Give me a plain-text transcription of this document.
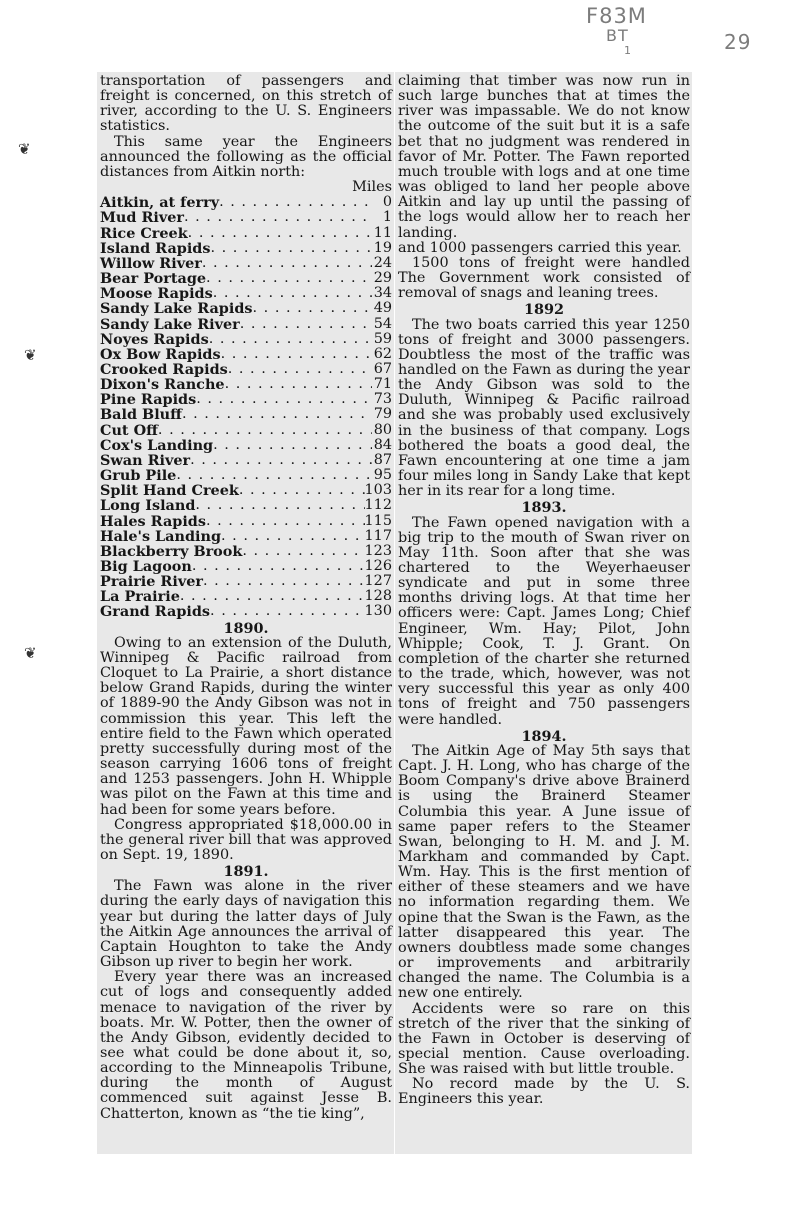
F83M
BT
1	29
❦
❦
❦

transportation of passengers and freight is concerned, on this stretch of river, according to the U. S. Engineers statistics.

This same year the Engineers announced the following as the official distances from Aitkin north:

Miles
Aitkin, at ferry . . .	0
Mud River . . .	1
Rice Creek . . .	11
Island Rapids . . .	19
Willow River . . .	24
Bear Portage . . .	29
Moose Rapids . . .	34
Sandy Lake Rapids . . .	49
Sandy Lake River . . .	54
Noyes Rapids . . .	59
Ox Bow Rapids . . .	62
Crooked Rapids . . .	67
Dixon's Ranche . . .	71
Pine Rapids . . .	73
Bald Bluff . . .	79
Cut Off . . .	80
Cox's Landing . . .	84
Swan River . . .	87
Grub Pile . . .	95
Split Hand Creek . . .	103
Long Island . . .	112
Hales Rapids . . .	115
Hale's Landing . . .	117
Blackberry Brook . . .	123
Big Lagoon . . .	126
Prairie River . . .	127
La Prairie . . .	128
Grand Rapids . . .	130
1890.

Owing to an extension of the Duluth, Winnipeg & Pacific railroad from Cloquet to La Prairie, a short distance below Grand Rapids, during the winter of 1889-90 the Andy Gibson was not in commission this year. This left the entire field to the Fawn which operated pretty successfully during most of the season carrying 1606 tons of freight and 1253 passengers. John H. Whipple was pilot on the Fawn at this time and had been for some years before.

Congress appropriated $18,000.00 in the general river bill that was approved on Sept. 19, 1890.

1891.

The Fawn was alone in the river during the early days of navigation this year but during the latter days of July the Aitkin Age announces the arrival of Captain Houghton to take the Andy Gibson up river to begin her work.

Every year there was an increased cut of logs and consequently added menace to navigation of the river by boats. Mr. W. Potter, then the owner of the Andy Gibson, evidently decided to see what could be done about it, so, according to the Minneapolis Tribune, during the month of August commenced suit against Jesse B. Chatterton, known as “the tie king”,

claiming that timber was now run in such large bunches that at times the river was impassable. We do not know the outcome of the suit but it is a safe bet that no judgment was rendered in favor of Mr. Potter. The Fawn reported much trouble with logs and at one time was obliged to land her people above Aitkin and lay up until the passing of the logs would allow her to reach her landing.

and 1000 passengers carried this year.

1500 tons of freight were handled The Government work consisted of removal of snags and leaning trees.

1892

The two boats carried this year 1250 tons of freight and 3000 passengers. Doubtless the most of the traffic was handled on the Fawn as during the year the Andy Gibson was sold to the Duluth, Winnipeg & Pacific railroad and she was probably used exclusively in the business of that company. Logs bothered the boats a good deal, the Fawn encountering at one time a jam four miles long in Sandy Lake that kept her in its rear for a long time.

1893.

The Fawn opened navigation with a big trip to the mouth of Swan river on May 11th. Soon after that she was chartered to the Weyerhaeuser syndicate and put in some three months driving logs. At that time her officers were: Capt. James Long; Chief Engineer, Wm. Hay; Pilot, John Whipple; Cook, T. J. Grant. On completion of the charter she returned to the trade, which, however, was not very successful this year as only 400 tons of freight and 750 passengers were handled.

1894.

The Aitkin Age of May 5th says that Capt. J. H. Long, who has charge of the Boom Company's drive above Brainerd is using the Brainerd Steamer Columbia this year. A June issue of same paper refers to the Steamer Swan, belonging to H. M. and J. M. Markham and commanded by Capt. Wm. Hay. This is the first mention of either of these steamers and we have no information regarding them. We opine that the Swan is the Fawn, as the latter disappeared this year. The owners doubtless made some changes or improvements and arbitrarily changed the name. The Columbia is a new one entirely.

Accidents were so rare on this stretch of the river that the sinking of the Fawn in October is deserving of special mention. Cause overloading. She was raised with but little trouble.

No record made by the U. S. Engineers this year.
